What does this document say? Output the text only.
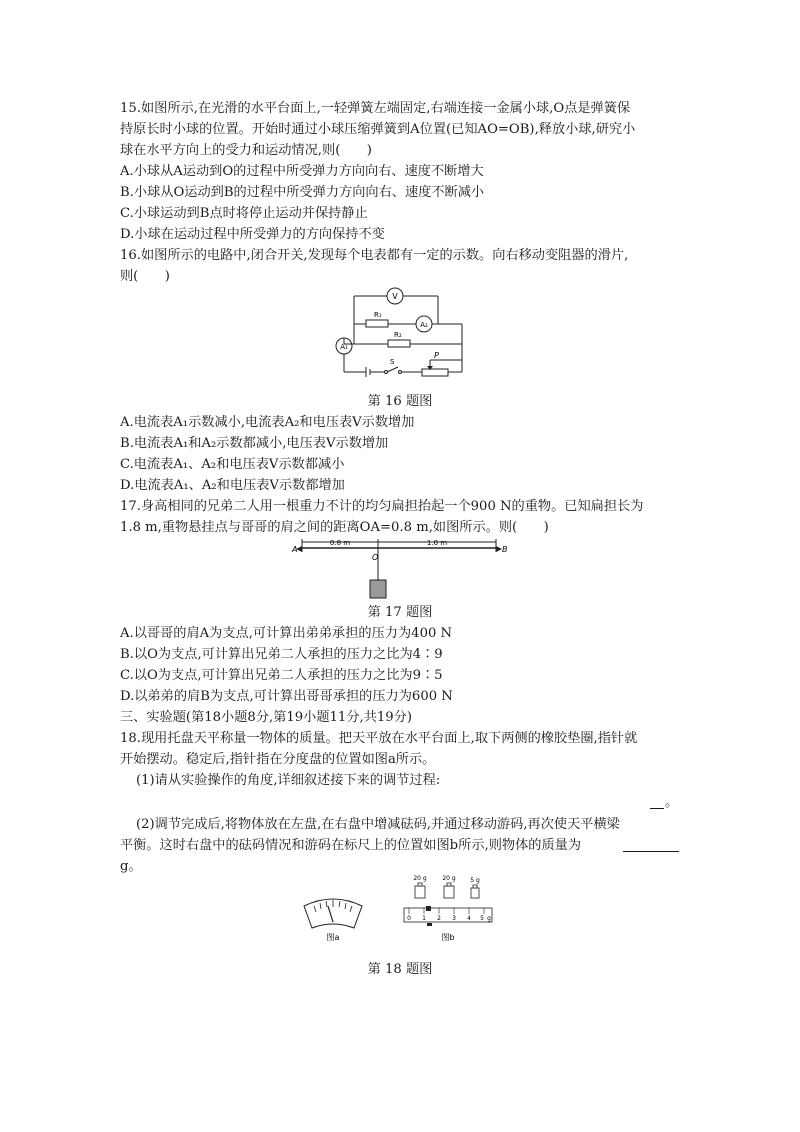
15.如图所示,在光滑的水平台面上,一轻弹簧左端固定,右端连接一金属小球,O点是弹簧保
持原长时小球的位置。开始时通过小球压缩弹簧到A位置(已知AO=OB),释放小球,研究小
球在水平方向上的受力和运动情况,则(　　)
A.小球从A运动到O的过程中所受弹力方向向右、速度不断增大
B.小球从O运动到B的过程中所受弹力方向向右、速度不断减小
C.小球运动到B点时将停止运动并保持静止
D.小球在运动过程中所受弹力的方向保持不变
16.如图所示的电路中,闭合开关,发现每个电表都有一定的示数。向右移动变阻器的滑片,
则(　　)
V
A₂
A₁
R₁
R₂
S
P
第 16 题图
A.电流表A₁示数减小,电流表A₂和电压表V示数增加
B.电流表A₁和A₂示数都减小,电压表V示数增加
C.电流表A₁、A₂和电压表V示数都减小
D.电流表A₁、A₂和电压表V示数都增加
17.身高相同的兄弟二人用一根重力不计的均匀扁担抬起一个900 N的重物。已知扁担长为
1.8 m,重物悬挂点与哥哥的肩之间的距离OA=0.8 m,如图所示。则(　　)
A	B
O
0.8 m	1.0 m
第 17 题图
A.以哥哥的肩A为支点,可计算出弟弟承担的压力为400 N
B.以O为支点,可计算出兄弟二人承担的压力之比为4∶9
C.以O为支点,可计算出兄弟二人承担的压力之比为9∶5
D.以弟弟的肩B为支点,可计算出哥哥承担的压力为600 N
三、实验题(第18小题8分,第19小题11分,共19分)
18.现用托盘天平称量一物体的质量。把天平放在水平台面上,取下两侧的橡胶垫圈,指针就
开始摆动。稳定后,指针指在分度盘的位置如图a所示。
(1)请从实验操作的角度,详细叙述接下来的调节过程:
。
(2)调节完成后,将物体放在左盘,在右盘中增减砝码,并通过移动游码,再次使天平横梁
平衡。这时右盘中的砝码情况和游码在标尺上的位置如图b所示,则物体的质量为
g。
图a
20 g	20 g 5 g
0 1 2 3 4 5 g
图b
第 18 题图
